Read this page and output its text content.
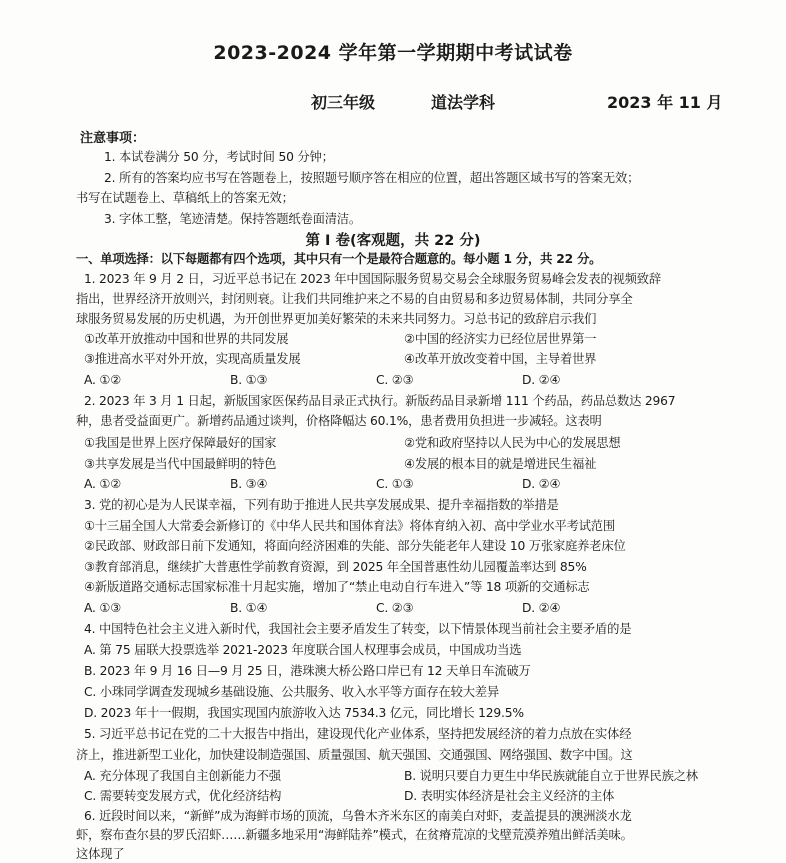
2023-2024 学年第一学期期中考试试卷
初三年级	道法学科	2023 年 11 月
注意事项：
1. 本试卷满分 50 分，考试时间 50 分钟；
2. 所有的答案均应书写在答题卷上，按照题号顺序答在相应的位置，超出答题区域书写的答案无效；
书写在试题卷上、草稿纸上的答案无效；
3. 字体工整，笔迹清楚。保持答题纸卷面清洁。
第 I 卷(客观题，共 22 分)
一、单项选择：以下每题都有四个选项，其中只有一个是最符合题意的。每小题 1 分，共 22 分。
1. 2023 年 9 月 2 日，习近平总书记在 2023 年中国国际服务贸易交易会全球服务贸易峰会发表的视频致辞
指出，世界经济开放则兴，封闭则衰。让我们共同维护来之不易的自由贸易和多边贸易体制，共同分享全
球服务贸易发展的历史机遇，为开创世界更加美好繁荣的未来共同努力。习总书记的致辞启示我们
①改革开放推动中国和世界的共同发展	②中国的经济实力已经位居世界第一
③推进高水平对外开放，实现高质量发展	④改革开放改变着中国，主导着世界
A. ①②	B. ①③	C. ②③	D. ②④
2. 2023 年 3 月 1 日起，新版国家医保药品目录正式执行。新版药品目录新增 111 个药品，药品总数达 2967
种，患者受益面更广。新增药品通过谈判，价格降幅达 60.1%，患者费用负担进一步减轻。这表明
①我国是世界上医疗保障最好的国家	②党和政府坚持以人民为中心的发展思想
③共享发展是当代中国最鲜明的特色	④发展的根本目的就是增进民生福祉
A. ①②	B. ③④	C. ①③	D. ②④
3. 党的初心是为人民谋幸福，下列有助于推进人民共享发展成果、提升幸福指数的举措是
①十三届全国人大常委会新修订的《中华人民共和国体育法》将体育纳入初、高中学业水平考试范围
②民政部、财政部日前下发通知，将面向经济困难的失能、部分失能老年人建设 10 万张家庭养老床位
③教育部消息，继续扩大普惠性学前教育资源，到 2025 年全国普惠性幼儿园覆盖率达到 85%
④新版道路交通标志国家标准十月起实施，增加了“禁止电动自行车进入”等 18 项新的交通标志
A. ①③	B. ①④	C. ②③	D. ②④
4. 中国特色社会主义进入新时代，我国社会主要矛盾发生了转变，以下情景体现当前社会主要矛盾的是
A. 第 75 届联大投票选举 2021-2023 年度联合国人权理事会成员，中国成功当选
B. 2023 年 9 月 16 日—9 月 25 日，港珠澳大桥公路口岸已有 12 天单日车流破万
C. 小珠同学调查发现城乡基础设施、公共服务、收入水平等方面存在较大差异
D. 2023 年十一假期，我国实现国内旅游收入达 7534.3 亿元，同比增长 129.5%
5. 习近平总书记在党的二十大报告中指出，建设现代化产业体系，坚持把发展经济的着力点放在实体经
济上，推进新型工业化，加快建设制造强国、质量强国、航天强国、交通强国、网络强国、数字中国。这
A. 充分体现了我国自主创新能力不强	B. 说明只要自力更生中华民族就能自立于世界民族之林
C. 需要转变发展方式，优化经济结构	D. 表明实体经济是社会主义经济的主体
6. 近段时间以来，“新鲜”成为海鲜市场的顶流，乌鲁木齐米东区的南美白对虾，麦盖提县的澳洲淡水龙
虾，察布查尔县的罗氏沼虾……新疆多地采用“海鲜陆养”模式，在贫瘠荒凉的戈壁荒漠养殖出鲜活美味。
这体现了
